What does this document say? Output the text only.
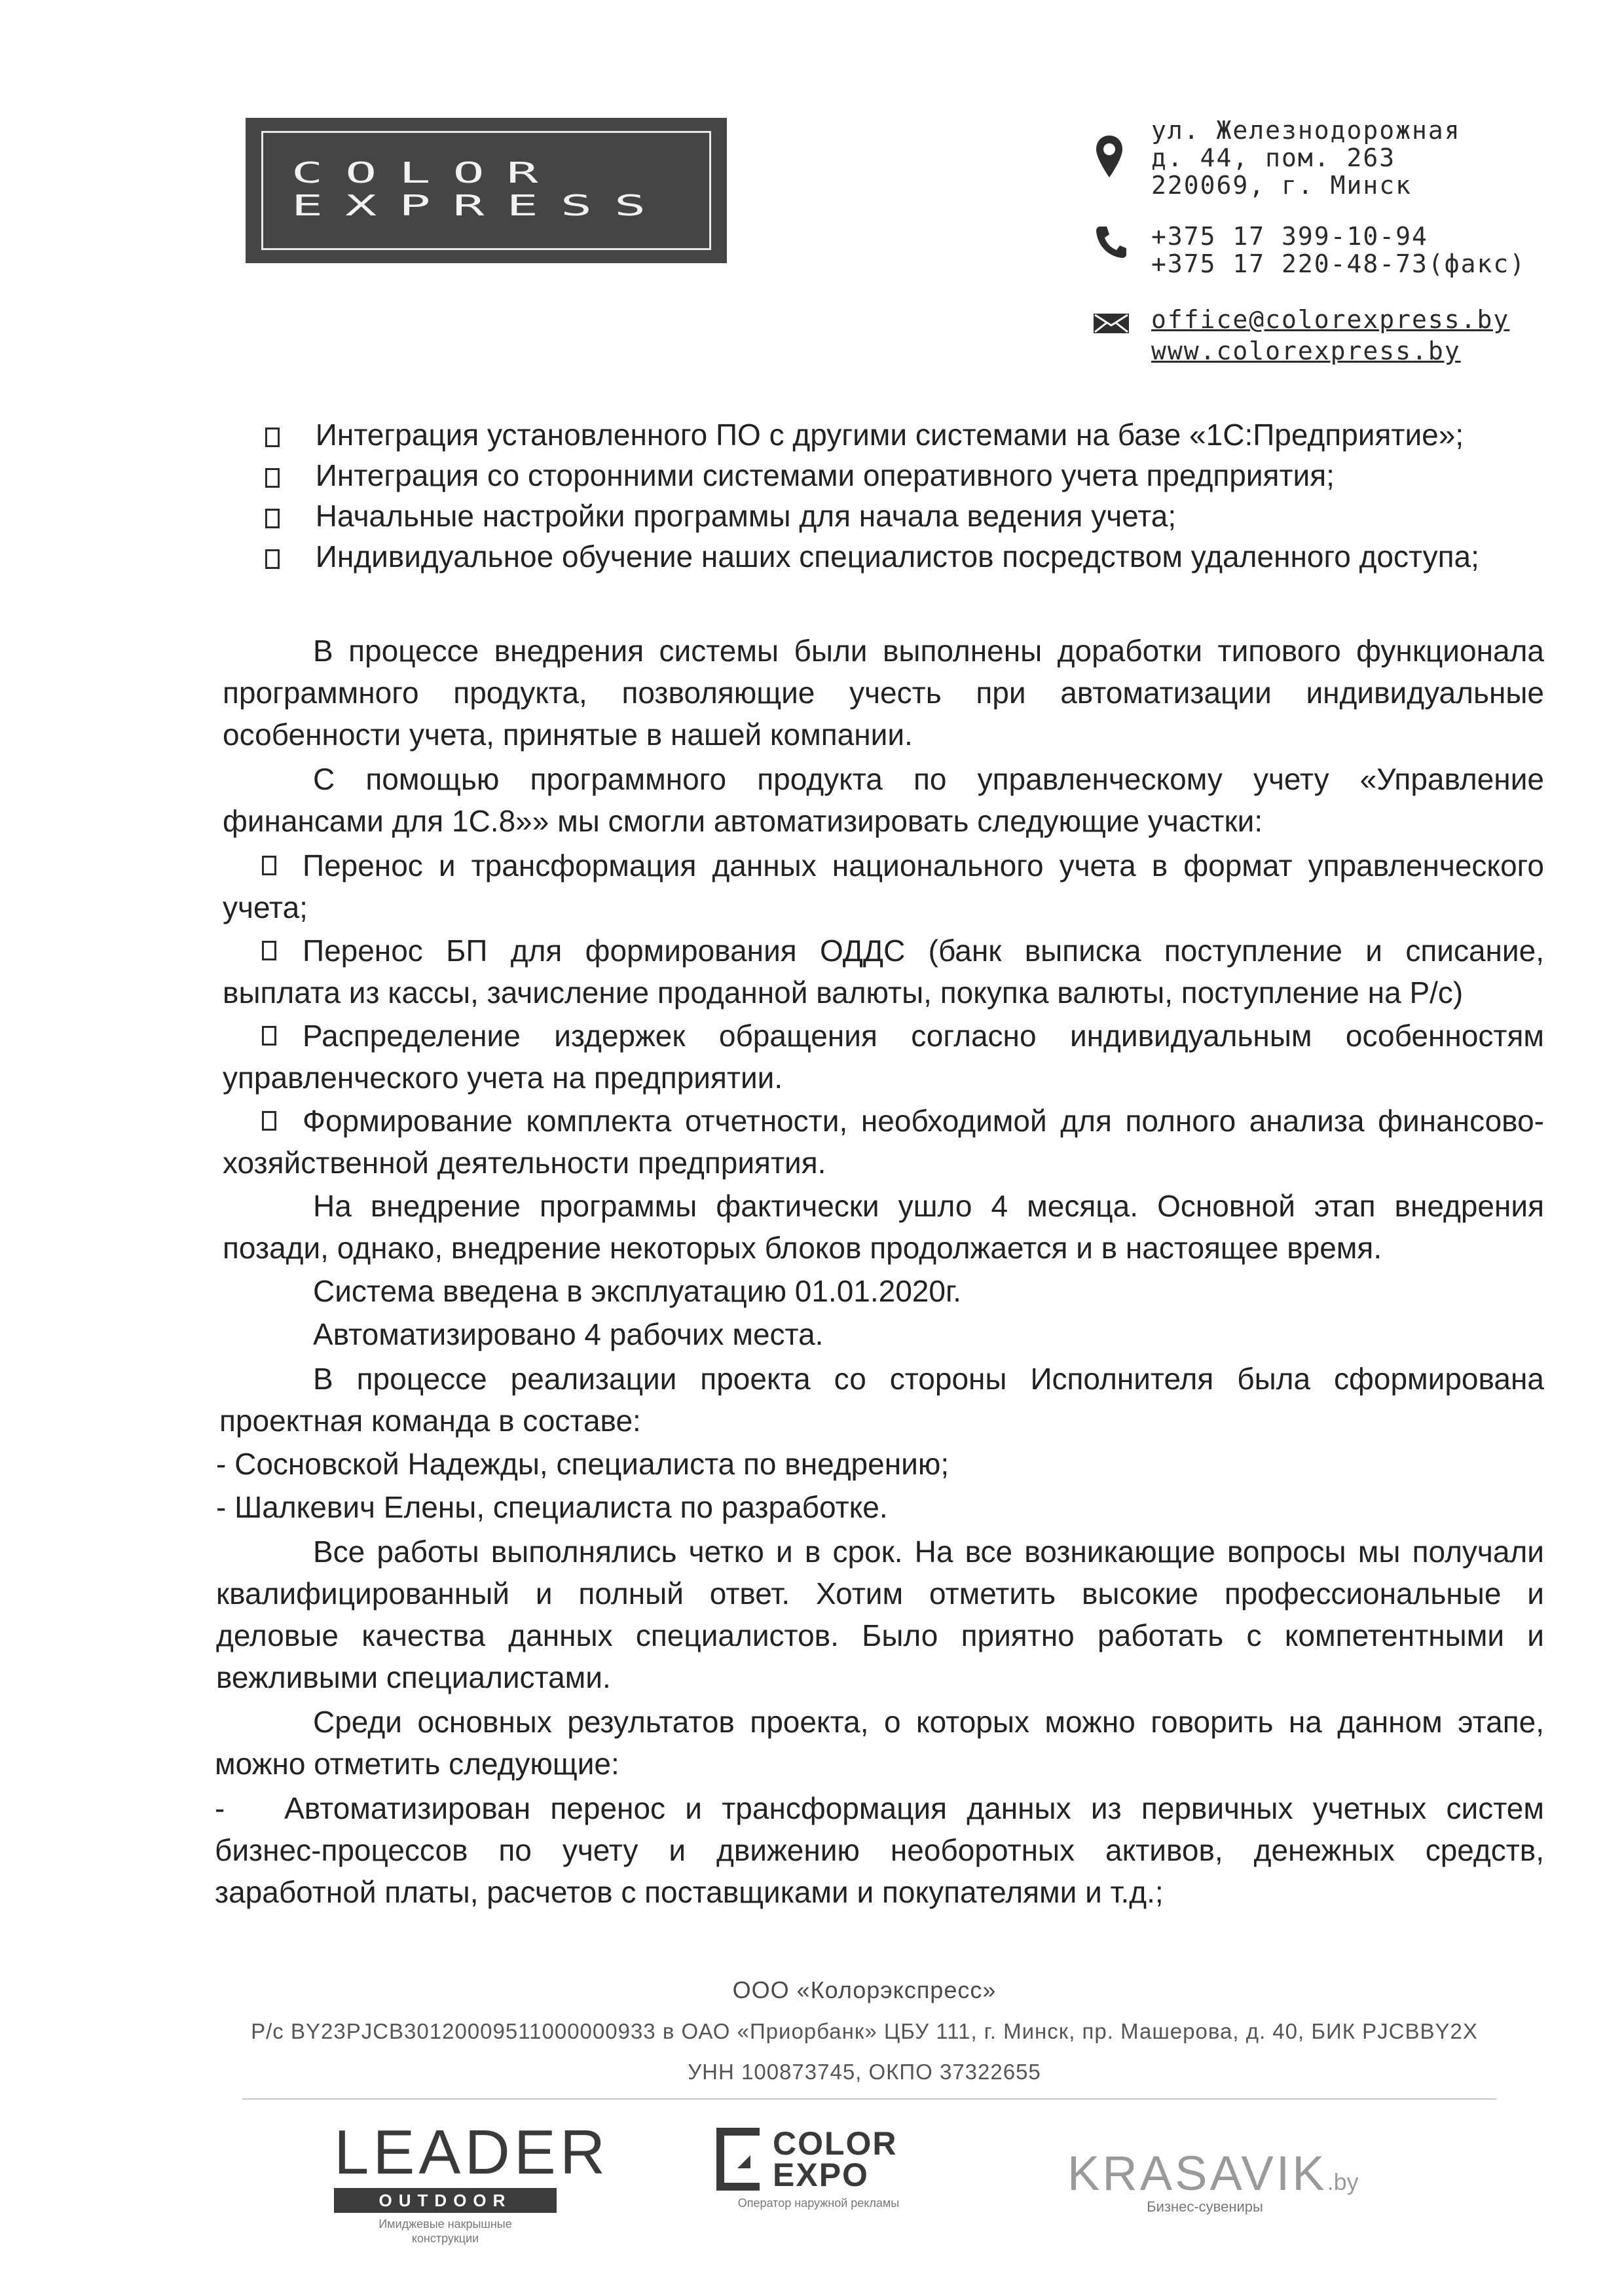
COLOR
EXPRESS
ул. Железнодорожная
д. 44, пом. 263
220069, г. Минск
+375 17 399-10-94
+375 17 220-48-73(факс)
office@colorexpress.by
www.colorexpress.by
Интеграция установленного ПО с другими системами на базе «1С:Предприятие»;
Интеграция со сторонними системами оперативного учета предприятия;
Начальные настройки программы для начала ведения учета;
Индивидуальное обучение наших специалистов посредством удаленного доступа;
В процессе внедрения системы были выполнены доработки типового функционала
программного продукта, позволяющие учесть при автоматизации индивидуальные
особенности учета, принятые в нашей компании.
С помощью программного продукта по управленческому учету «Управление
финансами для 1С.8»» мы смогли автоматизировать следующие участки:
Перенос и трансформация данных национального учета в формат управленческого
учета;
Перенос БП для формирования ОДДС (банк выписка поступление и списание,
выплата из кассы, зачисление проданной валюты, покупка валюты, поступление на Р/с)
Распределение издержек обращения согласно индивидуальным особенностям
управленческого учета на предприятии.
Формирование комплекта отчетности, необходимой для полного анализа финансово-
хозяйственной деятельности предприятия.
На внедрение программы фактически ушло 4 месяца. Основной этап внедрения
позади, однако, внедрение некоторых блоков продолжается и в настоящее время.
Система введена в эксплуатацию 01.01.2020г.
Автоматизировано 4 рабочих места.
В процессе реализации проекта со стороны Исполнителя была сформирована
проектная команда в составе:
- Сосновской Надежды, специалиста по внедрению;
- Шалкевич Елены, специалиста по разработке.
Все работы выполнялись четко и в срок. На все возникающие вопросы мы получали
квалифицированный и полный ответ. Хотим отметить высокие профессиональные и
деловые качества данных специалистов. Было приятно работать с компетентными и
вежливыми специалистами.
Среди основных результатов проекта, о которых можно говорить на данном этапе,
можно отметить следующие:
-   Автоматизирован перенос и трансформация данных из первичных учетных систем
бизнес-процессов по учету и движению необоротных активов, денежных средств,
заработной платы, расчетов с поставщиками и покупателями и т.д.;
ООО «Колорэкспресс»
Р/с BY23PJCB30120009511000000933 в ОАО «Приорбанк» ЦБУ 111, г. Минск, пр. Машерова, д. 40, БИК PJCBBY2X
УНН 100873745, ОКПО 37322655
LEADER
OUTDOOR
Имиджевые накрышные
конструкции
COLOR
EXPO
Оператор наружной рекламы
KRASAVIK.by
Бизнес-сувениры
